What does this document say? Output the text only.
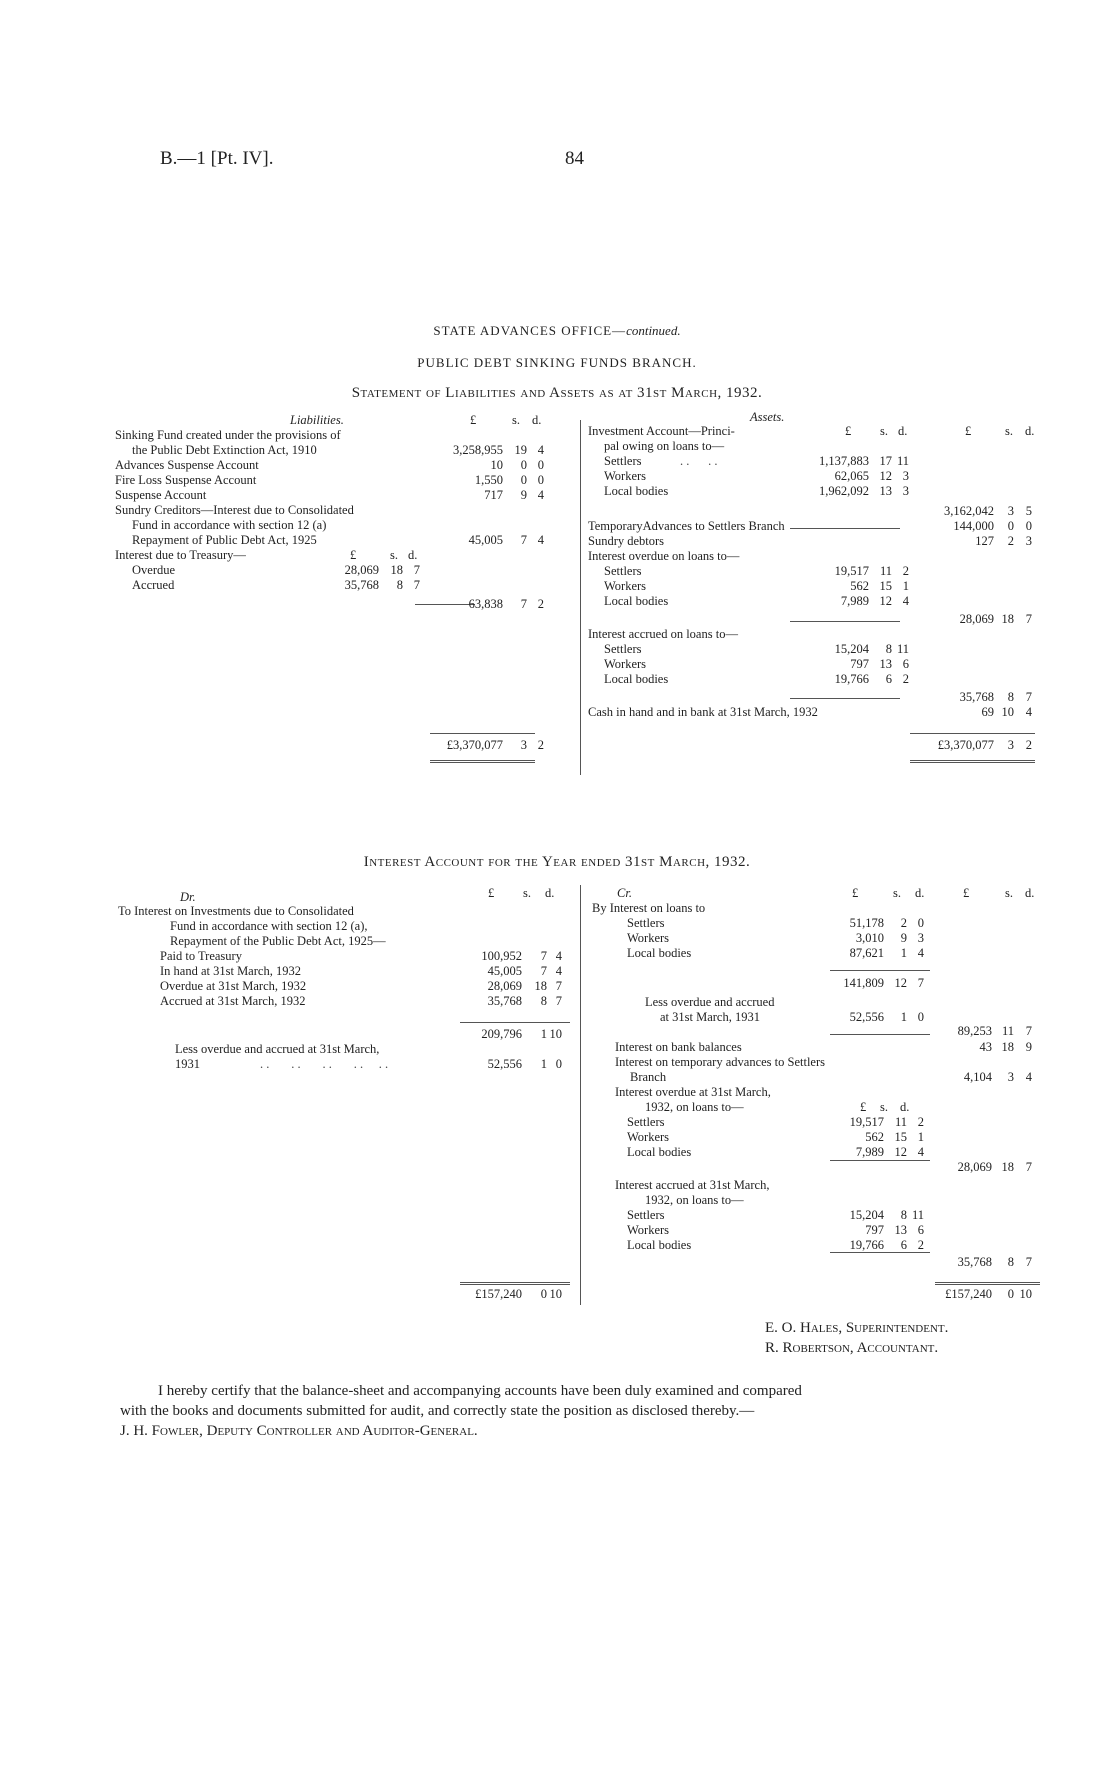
B.—1 [Pt. IV].	84
STATE ADVANCES OFFICE—continued.
PUBLIC DEBT SINKING FUNDS BRANCH.
Statement of Liabilities and Assets as at 31st March, 1932.
Liabilities.	£	s. d.
Sinking Fund created under the provisions of
the Public Debt Extinction Act, 1910	3,258,955 19 4
Advances Suspense Account	10 0 0
Fire Loss Suspense Account	1,550 0 0
Suspense Account	717 9 4
Sundry Creditors—Interest due to Consolidated
Fund in accordance with section 12 (a)
Repayment of Public Debt Act, 1925	45,005 7 4
Interest due to Treasury—	£	s. d.
Overdue	28,069 18 7
Accrued	35,768 8 7
63,838 7 2
£3,370,077 3 2
Assets.
£ s. d.	£	s. d.
Investment Account—Princi-
pal owing on loans to—
Settlers	. .      . .	1,137,883 17 11
Workers	62,065 12 3
Local bodies	1,962,092 13 3
3,162,042 3 5
TemporaryAdvances to Settlers Branch	144,000 0 0
Sundry debtors	127 2 3
Interest overdue on loans to—
Settlers	19,517 11 2
Workers	562 15 1
Local bodies	7,989 12 4
28,069 18 7
Interest accrued on loans to—
Settlers	15,204 8 11
Workers	797 13 6
Local bodies	19,766 6 2
35,768 8 7
Cash in hand and in bank at 31st March, 1932	69 10 4
£3,370,077 3 2
Interest Account for the Year ended 31st March, 1932.
Dr.	£ s. d.
To Interest on Investments due to Consolidated
Fund in accordance with section 12 (a),
Repayment of the Public Debt Act, 1925—
Paid to Treasury	100,952 7 4
In hand at 31st March, 1932	45,005 7 4
Overdue at 31st March, 1932	28,069 18 7
Accrued at 31st March, 1932	35,768 8 7
209,796 1 10
Less overdue and accrued at 31st March,
1931	. .       . .       . .       . .     . .	52,556 1 0
£157,240 0 10
Cr.	£	s. d.	£	s. d.
By Interest on loans to
Settlers	51,178 2 0
Workers	3,010 9 3
Local bodies	87,621 1 4
141,809 12 7
Less overdue and accrued
at 31st March, 1931	52,556 1 0
89,253 11 7
Interest on bank balances	43 18 9
Interest on temporary advances to Settlers
Branch	4,104 3 4
Interest overdue at 31st March,
1932, on loans to—	£ s. d.
Settlers	19,517 11 2
Workers	562 15 1
Local bodies	7,989 12 4
28,069 18 7
Interest accrued at 31st March,
1932, on loans to—
Settlers	15,204 8 11
Workers	797 13 6
Local bodies	19,766 6 2
35,768 8 7
£157,240 0 10
E. O. Hales, Superintendent.
R. Robertson, Accountant.
I hereby certify that the balance-sheet and accompanying accounts have been duly examined and compared
with the books and documents submitted for audit, and correctly state the position as disclosed thereby.—
J. H. Fowler, Deputy Controller and Auditor-General.
